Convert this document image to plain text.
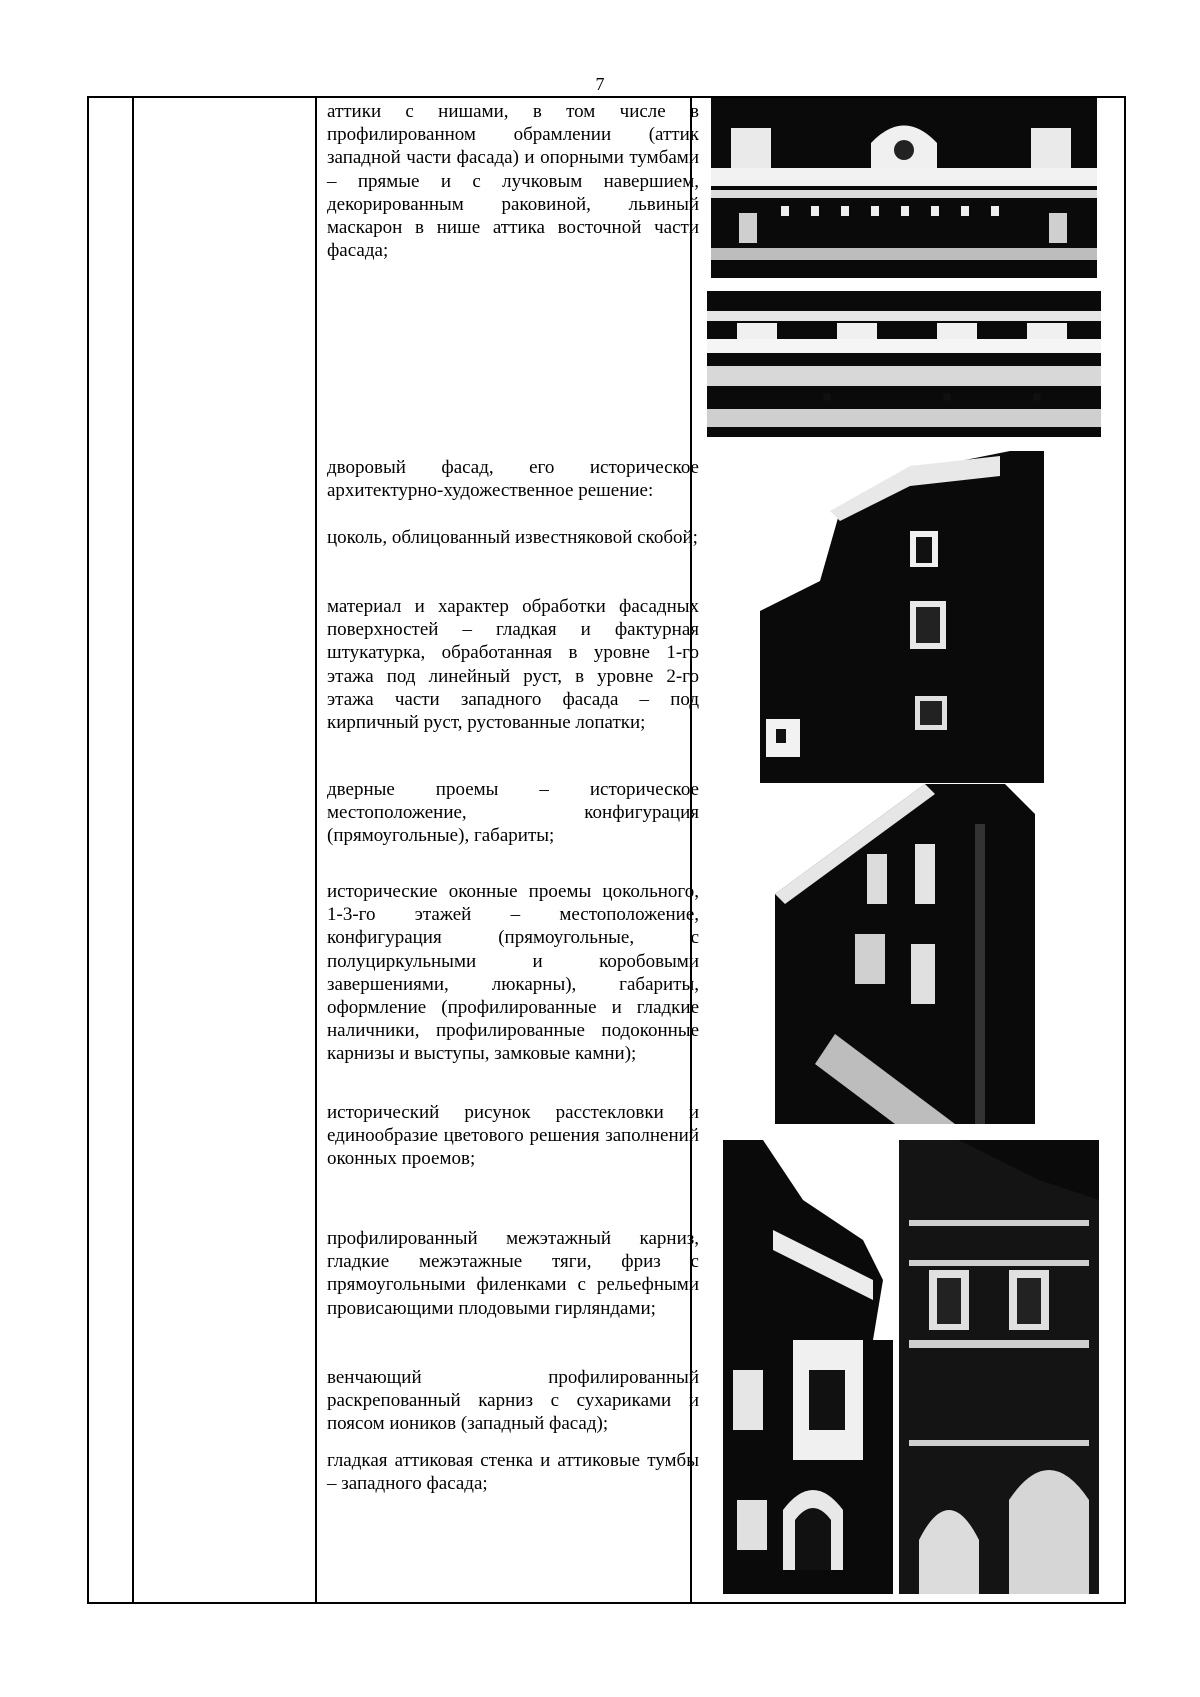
7

аттики с нишами, в том числе в профилированном обрамлении (аттик западной части фасада) и опорными тумбами – прямые и с лучковым навершием, декорированным раковиной, львиный маскарон в нише аттика восточной части фасада;

дворовый фасад, его историческое архитектурно-художественное решение:

цоколь, облицованный известняковой скобой;

материал и характер обработки фасадных поверхностей – гладкая и фактурная штукатурка, обработанная в уровне 1-го этажа под линейный руст, в уровне 2-го этажа части западного фасада – под кирпичный руст, рустованные лопатки;

дверные проемы – историческое местоположение, конфигурация (прямоугольные), габариты;

исторические оконные проемы цокольного, 1-3-го этажей – местоположение, конфигурация (прямоугольные, с полуциркульными и коробовыми завершениями, люкарны), габариты, оформление (профилированные и гладкие наличники, профилированные подоконные карнизы и выступы, замковые камни);

исторический рисунок расстекловки и единообразие цветового решения заполнений оконных проемов;

профилированный межэтажный карниз, гладкие межэтажные тяги, фриз с прямоугольными филенками с рельефными провисающими плодовыми гирляндами;

венчающий профилированный раскрепованный карниз с сухариками и поясом иоников (западный фасад);

гладкая аттиковая стенка и аттиковые тумбы – западного фасада;
